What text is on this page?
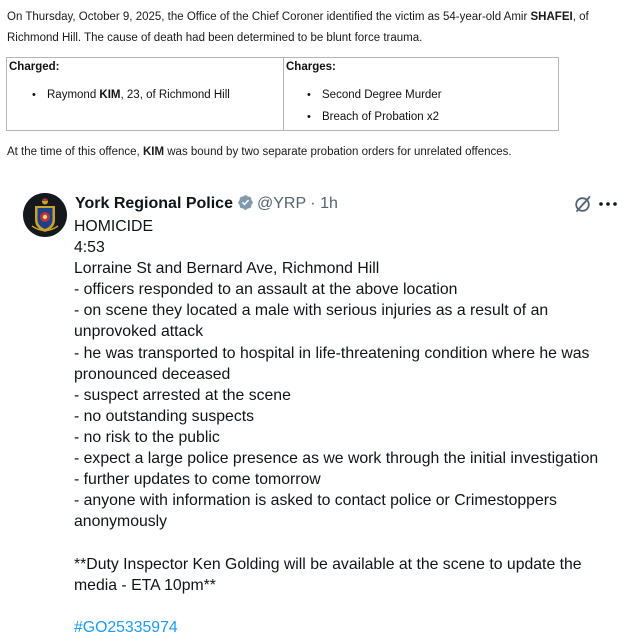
On Thursday, October 9, 2025, the Office of the Chief Coroner identified the victim as 54-year-old Amir SHAFEI, of
Richmond Hill. The cause of death had been determined to be blunt force trauma.
Charged:
• Raymond KIM, 23, of Richmond Hill
Charges:
• Second Degree Murder
• Breach of Probation x2
At the time of this offence, KIM was bound by two separate probation orders for unrelated offences.
York Regional Police @YRP · 1h
HOMICIDE
4:53
Lorraine St and Bernard Ave, Richmond Hill
- officers responded to an assault at the above location
- on scene they located a male with serious injuries as a result of an
unprovoked attack
- he was transported to hospital in life-threatening condition where he was
pronounced deceased
- suspect arrested at the scene
- no outstanding suspects
- no risk to the public
- expect a large police presence as we work through the initial investigation
- further updates to come tomorrow
- anyone with information is asked to contact police or Crimestoppers
anonymously
**Duty Inspector Ken Golding will be available at the scene to update the
media - ETA 10pm**
#GO25335974
